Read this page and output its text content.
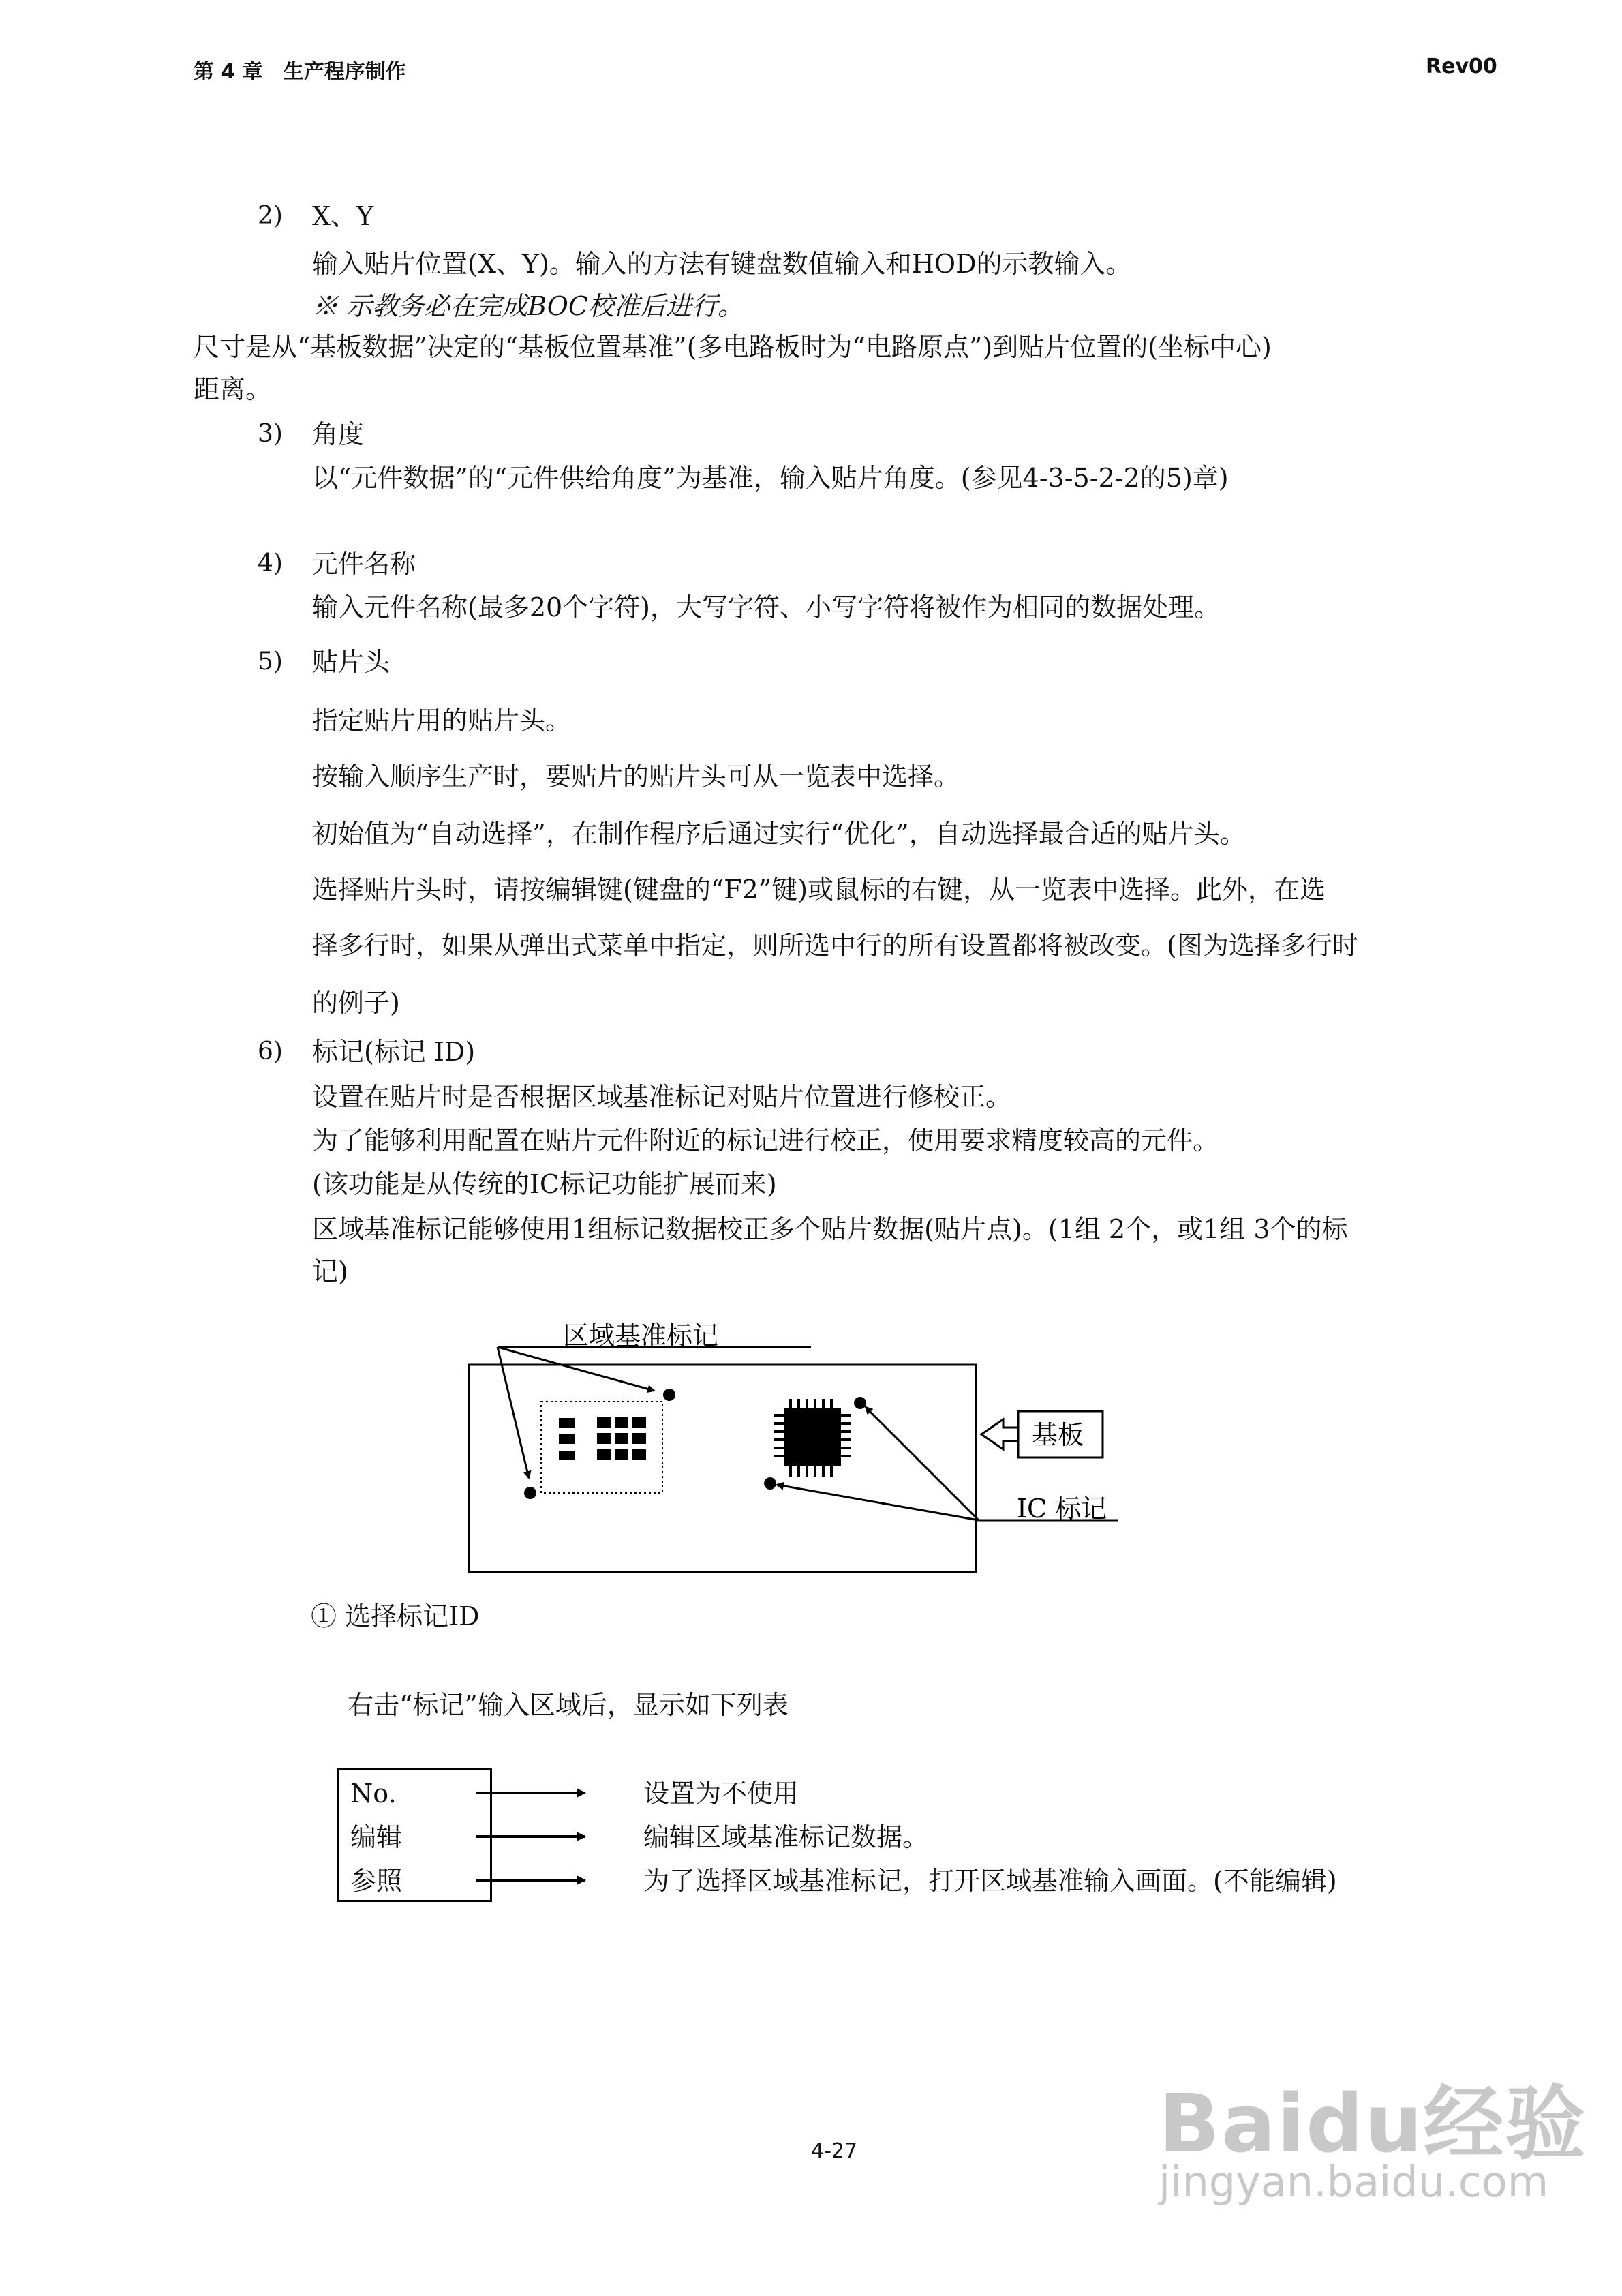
第 4 章　生产程序制作	Rev00
2) X、Y
输入贴片位置(X、Y)。输入的方法有键盘数值输入和HOD的示教输入。
※ 示教务必在完成BOC校准后进行。
尺寸是从“基板数据”决定的“基板位置基准”(多电路板时为“电路原点”)到贴片位置的(坐标中心)
距离。
3) 角度
以“元件数据”的“元件供给角度”为基准，输入贴片角度。(参见4-3-5-2-2的5)章)
4) 元件名称
输入元件名称(最多20个字符)，大写字符、小写字符将被作为相同的数据处理。
5) 贴片头
指定贴片用的贴片头。
按输入顺序生产时，要贴片的贴片头可从一览表中选择。
初始值为“自动选择”，在制作程序后通过实行“优化”，自动选择最合适的贴片头。
选择贴片头时，请按编辑键(键盘的“F2”键)或鼠标的右键，从一览表中选择。此外，在选
择多行时，如果从弹出式菜单中指定，则所选中行的所有设置都将被改变。(图为选择多行时
的例子)
6) 标记(标记 ID)
设置在贴片时是否根据区域基准标记对贴片位置进行修校正。
为了能够利用配置在贴片元件附近的标记进行校正，使用要求精度较高的元件。
(该功能是从传统的IC标记功能扩展而来)
区域基准标记能够使用1组标记数据校正多个贴片数据(贴片点)。(1组 2个，或1组 3个的标
记)
区域基准标记
IC 标记
基板
① 选择标记ID
右击“标记”输入区域后，显示如下列表
No.
编辑
参照
设置为不使用
编辑区域基准标记数据。
为了选择区域基准标记，打开区域基准输入画面。(不能编辑)
4-27	Baidu经验
jingyan.baidu.com
